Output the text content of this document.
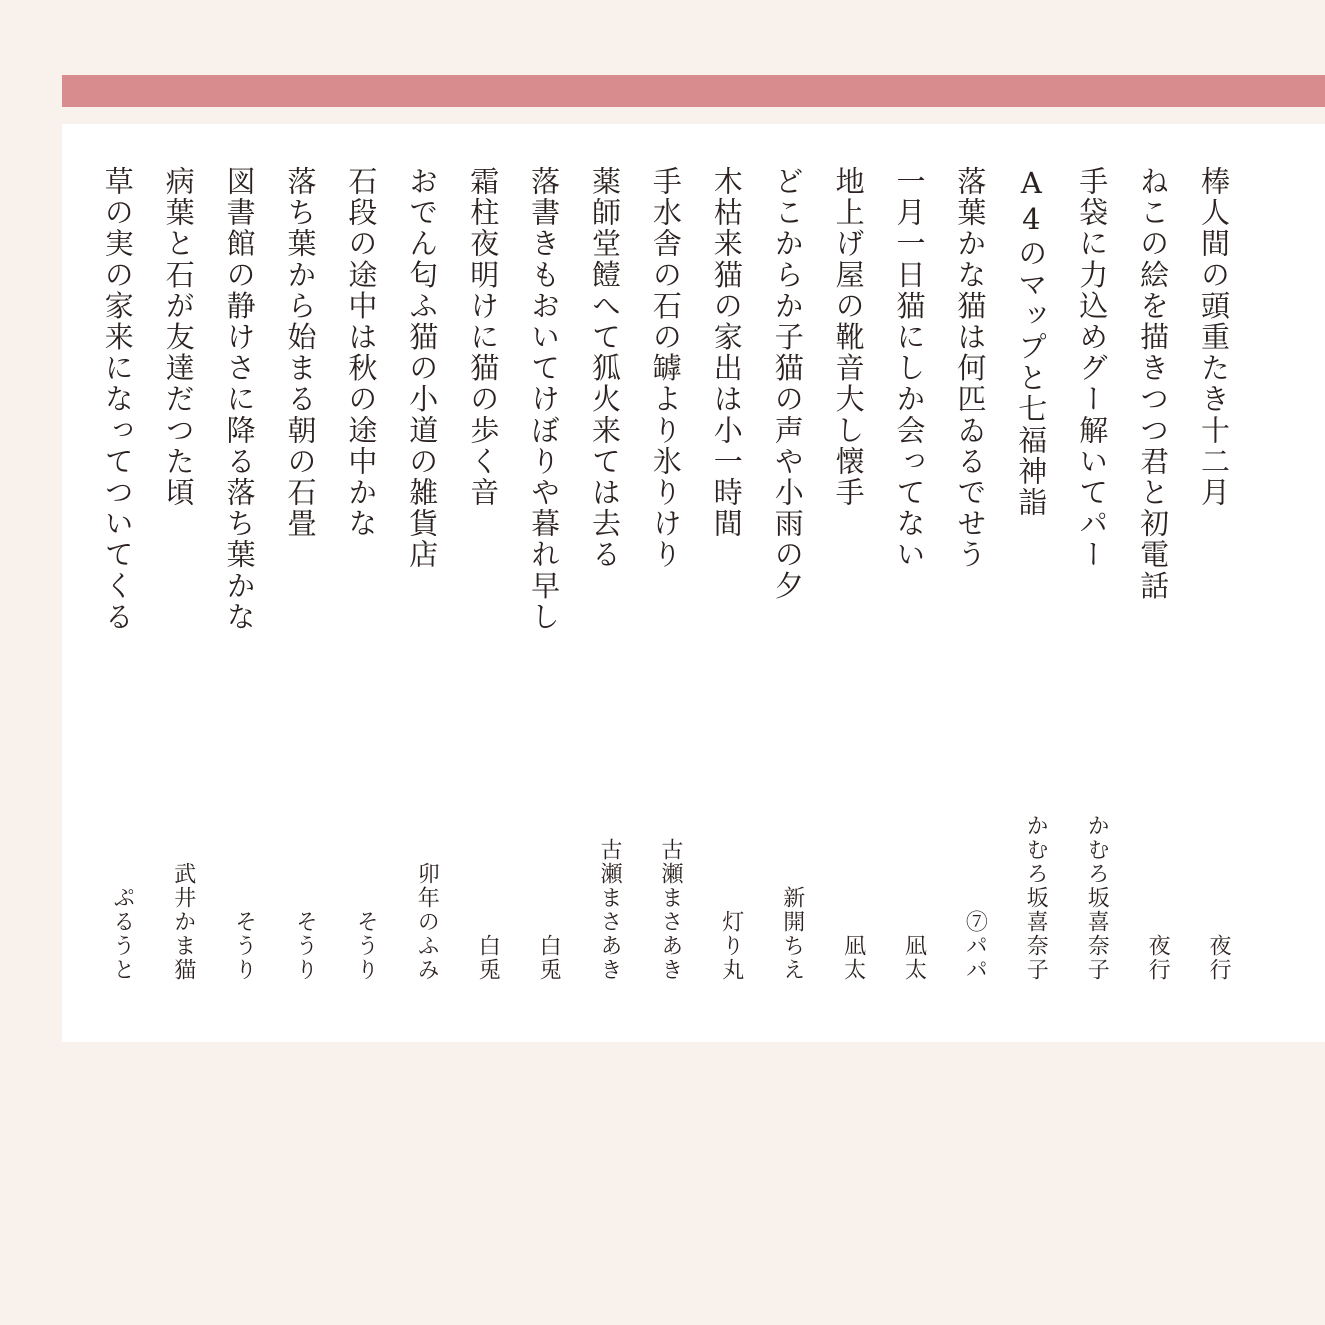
棒人間の頭重たき十二月
夜行
ねこの絵を描きつつ君と初電話
夜行
手袋に力込めグー解いてパー
かむろ坂喜奈子
A4のマップと七福神詣
かむろ坂喜奈子
落葉かな猫は何匹ゐるでせう
⑦パパ
一月一日猫にしか会ってない
凪太
地上げ屋の靴音大し懐手
凪太
どこからか子猫の声や小雨の夕
新開ちえ
木枯来猫の家出は小一時間
灯り丸
手水舎の石の罅より氷りけり
古瀬まさあき
薬師堂饐へて狐火来ては去る
古瀬まさあき
落書きもおいてけぼりや暮れ早し
白兎
霜柱夜明けに猫の歩く音
白兎
おでん匂ふ猫の小道の雑貨店
卯年のふみ
石段の途中は秋の途中かな
そうり
落ち葉から始まる朝の石畳
そうり
図書館の静けさに降る落ち葉かな
そうり
病葉と石が友達だつた頃
武井かま猫
草の実の家来になってついてくる
ぷるうと
